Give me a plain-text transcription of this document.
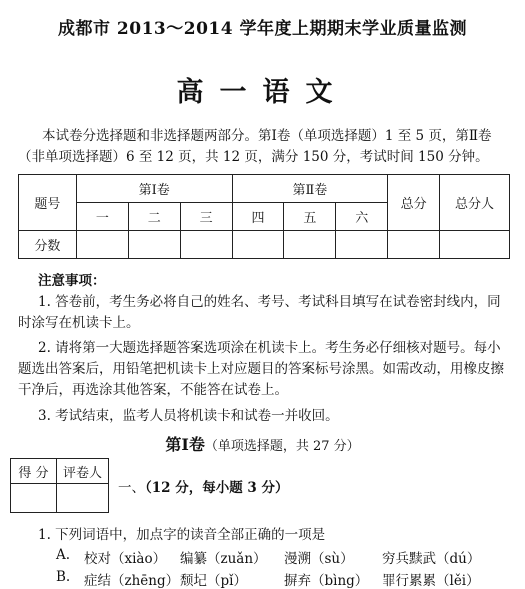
成都市 2013～2014 学年度上期期末学业质量监测
高一语文
本试卷分选择题和非选择题两部分。第Ⅰ卷（单项选择题）1 至 5 页，第Ⅱ卷（非单项选择题）6 至 12 页，共 12 页，满分 150 分，考试时间 150 分钟。
题号	第Ⅰ卷			第Ⅱ卷			总分	总分人
	一	二	三	四	五	六		
分数								
注意事项：
1. 答卷前，考生务必将自己的姓名、考号、考试科目填写在试卷密封线内，同时涂写在机读卡上。
2. 请将第一大题选择题答案选项涂在机读卡上。考生务必仔细核对题号。每小题选出答案后，用铅笔把机读卡上对应题目的答案标号涂黑。如需改动，用橡皮擦干净后，再选涂其他答案，不能答在试卷上。
3. 考试结束，监考人员将机读卡和试卷一并收回。
第Ⅰ卷（单项选择题，共 27 分）
得 分	评卷人

一、（12 分，每小题 3 分）
1. 下列词语中，加点字的读音全部正确的一项是
A. 校对（xiào） 编纂（zuǎn） 漫溯（sù） 穷兵黩武（dú）
B. 症结（zhēng） 颓圮（pǐ）	摒弃（bìng） 罪行累累（lěi）
